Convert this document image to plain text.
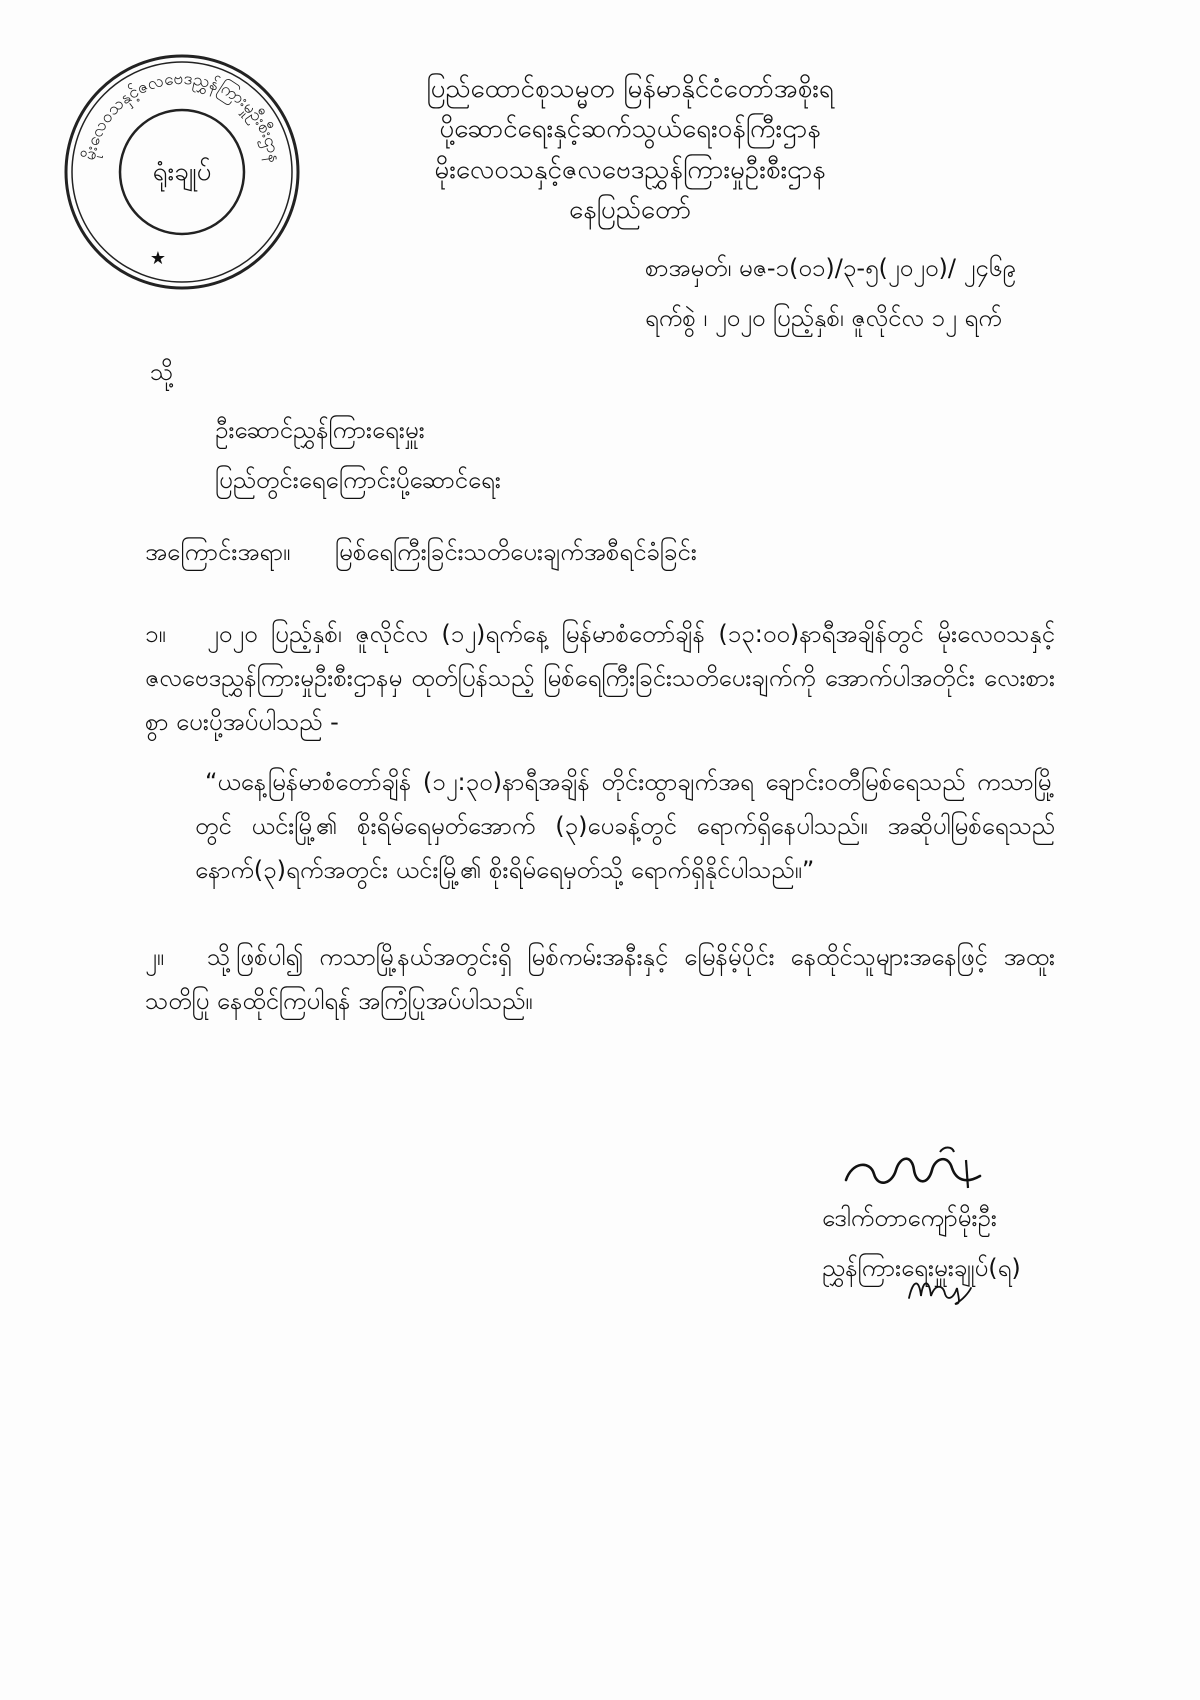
မိုးလေဝသနှင့်ဇလဗေဒညွှန်ကြားမှုဦးစီးဌာန
ရုံးချုပ်
★
ပြည်ထောင်စုသမ္မတ မြန်မာနိုင်ငံတော်အစိုးရ
ပို့ဆောင်ရေးနှင့်ဆက်သွယ်ရေးဝန်ကြီးဌာန
မိုးလေဝသနှင့်ဇလဗေဒညွှန်ကြားမှုဦးစီးဌာန
နေပြည်တော်
စာအမှတ်၊ မဇ-၁(၀၁)/၃-၅(၂၀၂၀)/ ၂၄၆၉
ရက်စွဲ ၊ ၂၀၂၀ ပြည့်နှစ်၊ ဇူလိုင်လ ၁၂ ရက်
သို့
ဦးဆောင်ညွှန်ကြားရေးမှူး
ပြည်တွင်းရေကြောင်းပို့ဆောင်ရေး
အကြောင်းအရာ။ မြစ်ရေကြီးခြင်းသတိပေးချက်အစီရင်ခံခြင်း
၁။	၂၀၂၀ ပြည့်နှစ်၊ ဇူလိုင်လ (၁၂)ရက်နေ့ မြန်မာစံတော်ချိန် (၁၃:၀၀)နာရီအချိန်တွင် မိုးလေဝသနှင့်ဇလဗေဒညွှန်ကြားမှုဦးစီးဌာနမှ ထုတ်ပြန်သည့် မြစ်ရေကြီးခြင်းသတိပေးချက်ကို အောက်ပါအတိုင်း လေးစားစွာ ပေးပို့အပ်ပါသည် -
“ယနေ့မြန်မာစံတော်ချိန် (၁၂:၃၀)နာရီအချိန် တိုင်းထွာချက်အရ ချောင်းဝတီမြစ်ရေသည် ကသာမြို့တွင် ယင်းမြို့၏ စိုးရိမ်ရေမှတ်အောက် (၃)ပေခန့်တွင် ရောက်ရှိနေပါသည်။ အဆိုပါမြစ်ရေသည် နောက်(၃)ရက်အတွင်း ယင်းမြို့၏ စိုးရိမ်ရေမှတ်သို့ ရောက်ရှိနိုင်ပါသည်။”
၂။	သို့ဖြစ်ပါ၍ ကသာမြို့နယ်အတွင်းရှိ မြစ်ကမ်းအနီးနှင့် မြေနိမ့်ပိုင်း နေထိုင်သူများအနေဖြင့် အထူးသတိပြု နေထိုင်ကြပါရန် အကြံပြုအပ်ပါသည်။
ဒေါက်တာကျော်မိုးဦး
ညွှန်ကြားရေးမှူးချုပ်(ရ)
